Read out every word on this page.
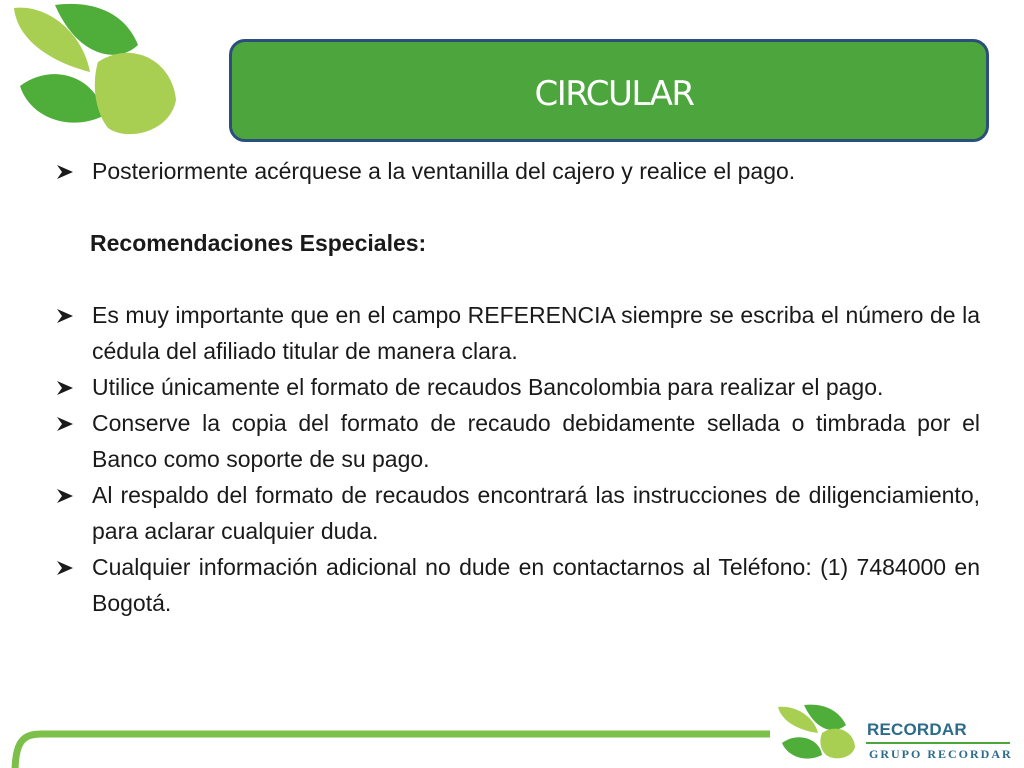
CIRCULAR
Posteriormente acérquese a la ventanilla del cajero y realice el pago.
Recomendaciones Especiales:
Es muy importante que en el campo REFERENCIA siempre se escriba el número de la cédula del afiliado titular de manera clara.
Utilice únicamente el formato de recaudos Bancolombia para realizar el pago.
Conserve la copia del formato de recaudo debidamente sellada o timbrada por el Banco como soporte de su pago.
Al respaldo del formato de recaudos encontrará las instrucciones de diligenciamiento, para aclarar cualquier duda.
Cualquier información adicional no dude en contactarnos al Teléfono: (1) 7484000 en Bogotá.
RECORDAR
GRUPO RECORDAR
